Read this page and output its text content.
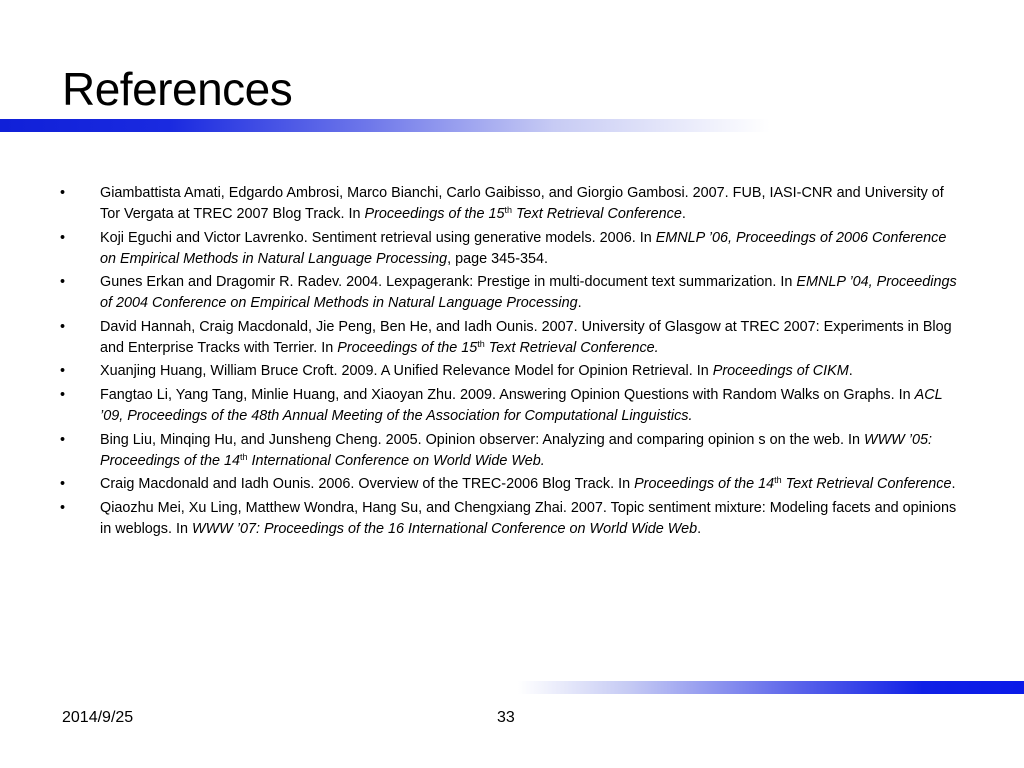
References
• Giambattista Amati, Edgardo Ambrosi, Marco Bianchi, Carlo Gaibisso, and Giorgio Gambosi. 2007. FUB, IASI-CNR and University of Tor Vergata at TREC 2007 Blog Track. In Proceedings of the 15th Text Retrieval Conference.
• Koji Eguchi and Victor Lavrenko. Sentiment retrieval using generative models. 2006. In EMNLP ’06, Proceedings of 2006 Conference on Empirical Methods in Natural Language Processing, page 345-354.
• Gunes Erkan and Dragomir R. Radev. 2004. Lexpagerank: Prestige in multi-document text summarization. In EMNLP ’04, Proceedings of 2004 Conference on Empirical Methods in Natural Language Processing.
• David Hannah, Craig Macdonald, Jie Peng, Ben He, and Iadh Ounis. 2007. University of Glasgow at TREC 2007: Experiments in Blog and Enterprise Tracks with Terrier. In Proceedings of the 15th Text Retrieval Conference.
• Xuanjing Huang, William Bruce Croft. 2009. A Unified Relevance Model for Opinion Retrieval. In Proceedings of CIKM.
• Fangtao Li, Yang Tang, Minlie Huang, and Xiaoyan Zhu. 2009. Answering Opinion Questions with Random Walks on Graphs. In ACL ’09, Proceedings of the 48th Annual Meeting of the Association for Computational Linguistics.
• Bing Liu, Minqing Hu, and Junsheng Cheng. 2005. Opinion observer: Analyzing and comparing opinion s on the web. In WWW ’05: Proceedings of the 14th International Conference on World Wide Web.
• Craig Macdonald and Iadh Ounis. 2006. Overview of the TREC-2006 Blog Track. In Proceedings of the 14th Text Retrieval Conference.
• Qiaozhu Mei, Xu Ling, Matthew Wondra, Hang Su, and Chengxiang Zhai. 2007. Topic sentiment mixture: Modeling facets and opinions in weblogs. In WWW ’07: Proceedings of the 16 International Conference on World Wide Web.

2014/9/25	33
